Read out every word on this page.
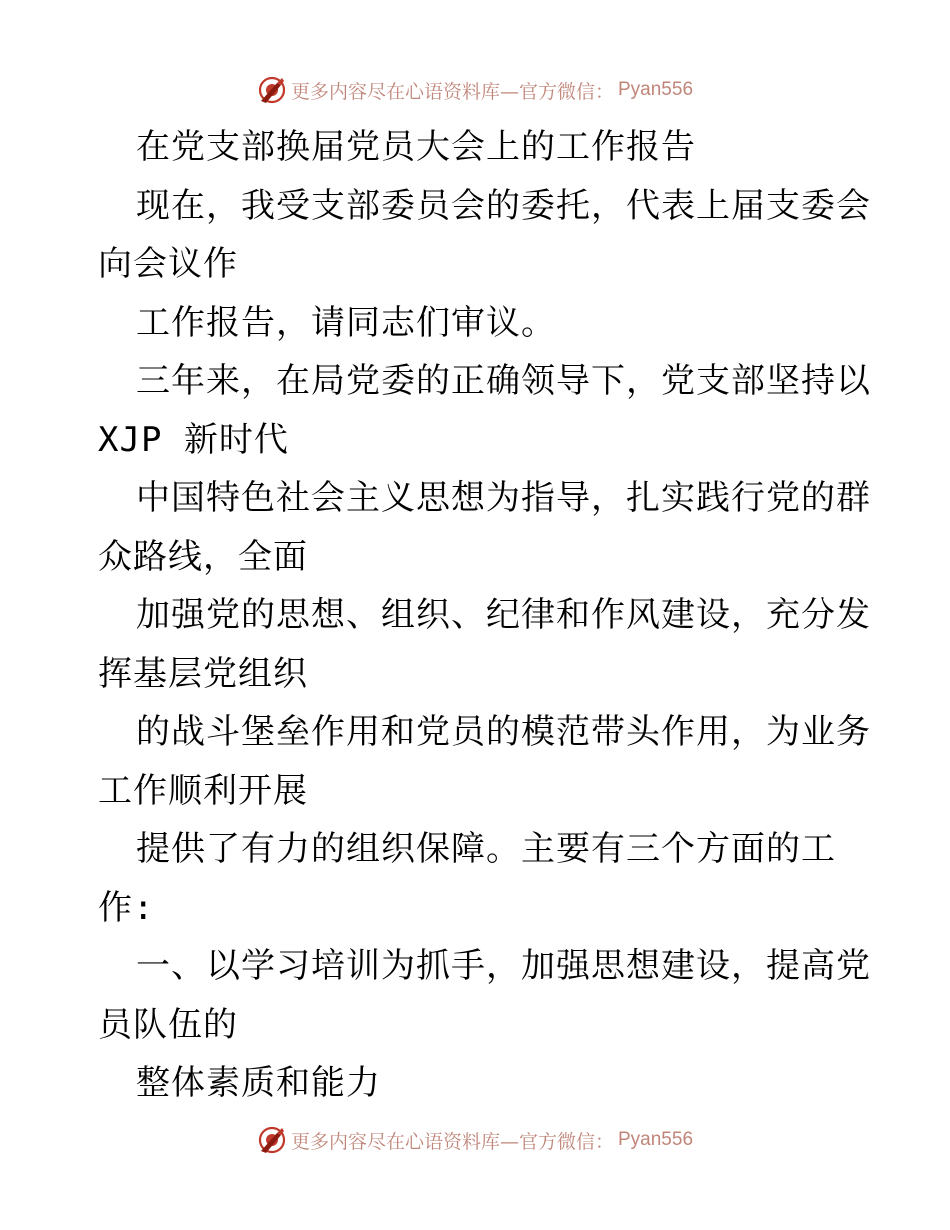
更多内容尽在心语资料库—官方微信： Pyan556
在党支部换届党员大会上的工作报告
现在，我受支部委员会的委托，代表上届支委会
向会议作
工作报告，请同志们审议。
三年来，在局党委的正确领导下，党支部坚持以
XJP 新时代
中国特色社会主义思想为指导，扎实践行党的群
众路线，全面
加强党的思想、组织、纪律和作风建设，充分发
挥基层党组织
的战斗堡垒作用和党员的模范带头作用，为业务
工作顺利开展
提供了有力的组织保障。主要有三个方面的工
作:
一、以学习培训为抓手，加强思想建设，提高党
员队伍的
整体素质和能力
更多内容尽在心语资料库—官方微信： Pyan556
